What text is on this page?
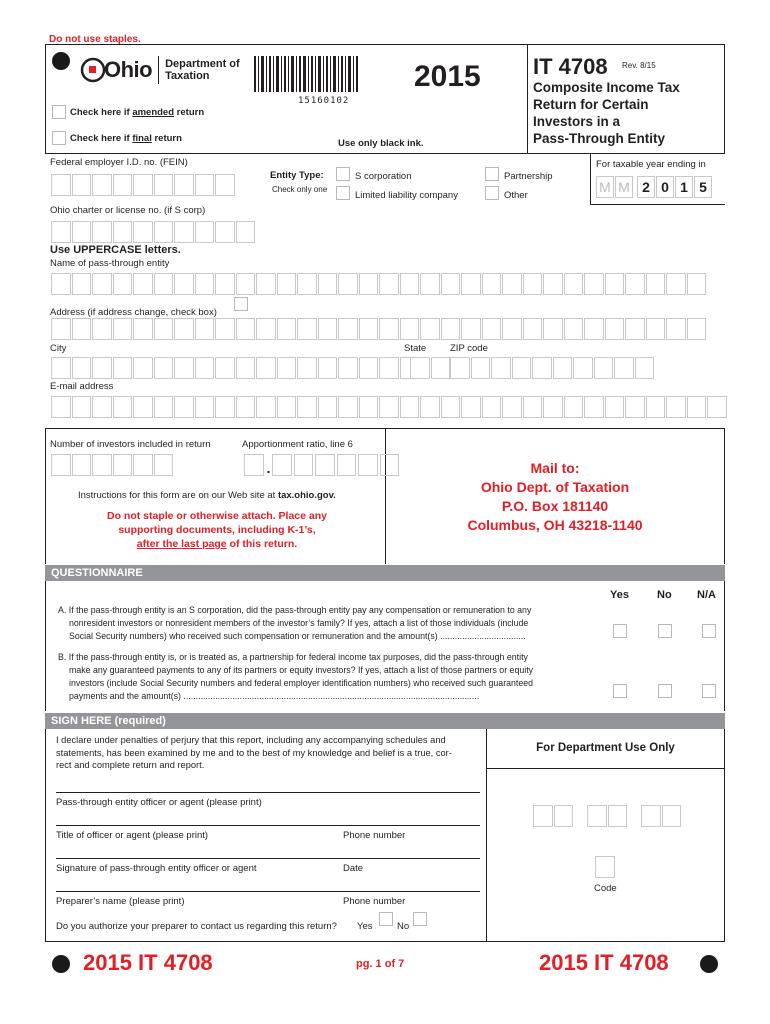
Do not use staples.
Ohio Department of
Taxation
15160102
2015 IT 4708 Rev. 8/15
Composite Income Tax
Return for Certain
Investors in a
Pass-Through Entity
Check here if amended return
Check here if final return	Use only black ink.
Federal employer I.D. no. (FEIN)
Entity Type:
Check only one
S corporation
Limited liability company
Partnership
Other
For taxable year ending in
M M 2 0 1 5
Ohio charter or license no. (if S corp)
Use UPPERCASE letters.
Name of pass-through entity
Address (if address change, check box)
City	State	ZIP code
E-mail address
Number of investors included in return	Apportionment ratio, line 6
.
Instructions for this form are on our Web site at tax.ohio.gov.
Do not staple or otherwise attach. Place any
supporting documents, including K-1’s,
after the last page of this return.
Mail to:
Ohio Dept. of Taxation
P.O. Box 181140
Columbus, OH 43218-1140
QUESTIONNAIRE
Yes	No N/A
A. If the pass-through entity is an S corporation, did the pass-through entity pay any compensation or remuneration to any
nonresident investors or nonresident members of the investor’s family? If yes, attach a list of those individuals (include
Social Security numbers) who received such compensation or remuneration and the amount(s) ...................................
B. If the pass-through entity is, or is treated as, a partnership for federal income tax purposes, did the pass-through entity
make any guaranteed payments to any of its partners or equity investors? If yes, attach a list of those partners or equity
investors (include Social Security numbers and federal employer identification numbers) who received such guaranteed
payments and the amount(s) .........................................................................................................................
SIGN HERE (required)
I declare under penalties of perjury that this report, including any accompanying schedules and
statements, has been examined by me and to the best of my knowledge and belief is a true, cor-
rect and complete return and report.
Pass-through entity officer or agent (please print)
Title of officer or agent (please print)	Phone number
Signature of pass-through entity officer or agent	Date
Preparer’s name (please print)	Phone number
Do you authorize your preparer to contact us regarding this return? Yes	No
For Department Use Only
Code
2015 IT 4708	pg. 1 of 7	2015 IT 4708
